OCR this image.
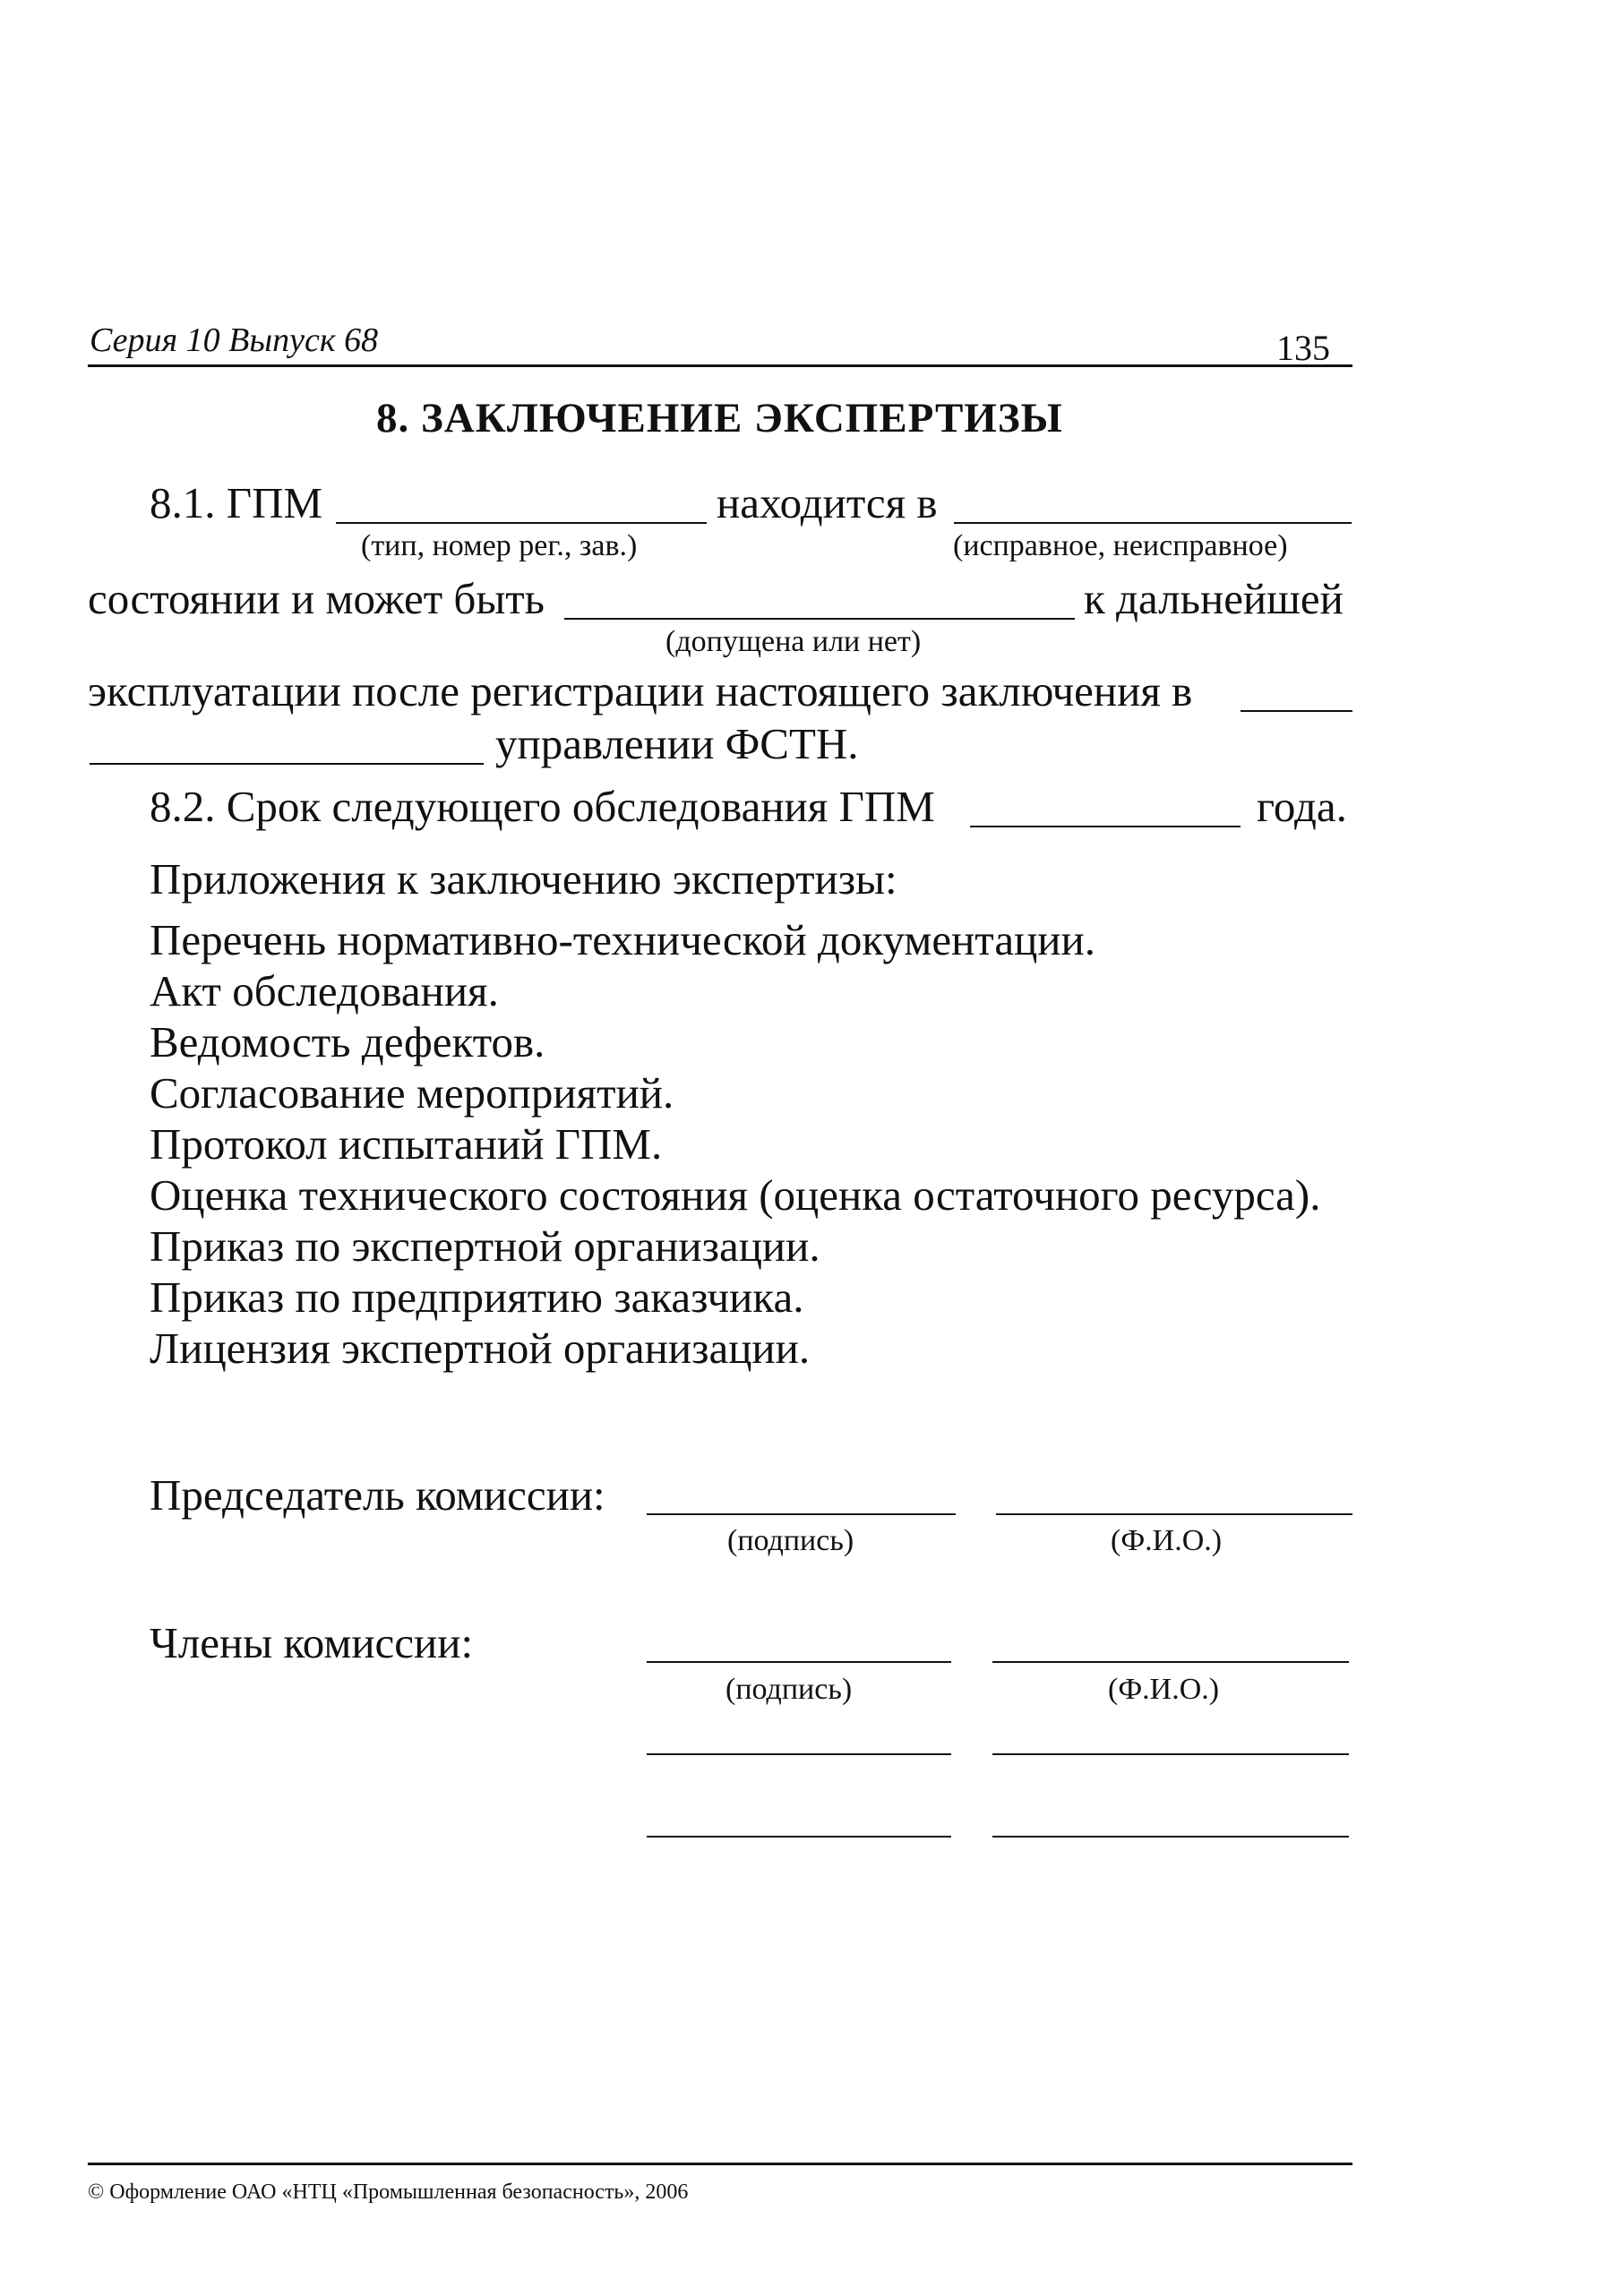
Серия 10 Выпуск 68	135
8. ЗАКЛЮЧЕНИЕ ЭКСПЕРТИЗЫ
8.1. ГПМ	находится в
(тип, номер рег., зав.)	(исправное, неисправное)
состоянии и может быть	к дальнейшей
(допущена или нет)
эксплуатации после регистрации настоящего заключения в
управлении ФСТН.
8.2. Срок следующего обследования ГПМ	года.
Приложения к заключению экспертизы:
Перечень нормативно-технической документации.
Акт обследования.
Ведомость дефектов.
Согласование мероприятий.
Протокол испытаний ГПМ.
Оценка технического состояния (оценка остаточного ресурса).
Приказ по экспертной организации.
Приказ по предприятию заказчика.
Лицензия экспертной организации.
Председатель комиссии:
(подпись)	(Ф.И.О.)
Члены комиссии:
(подпись)	(Ф.И.О.)
© Оформление ОАО «НТЦ «Промышленная безопасность», 2006
